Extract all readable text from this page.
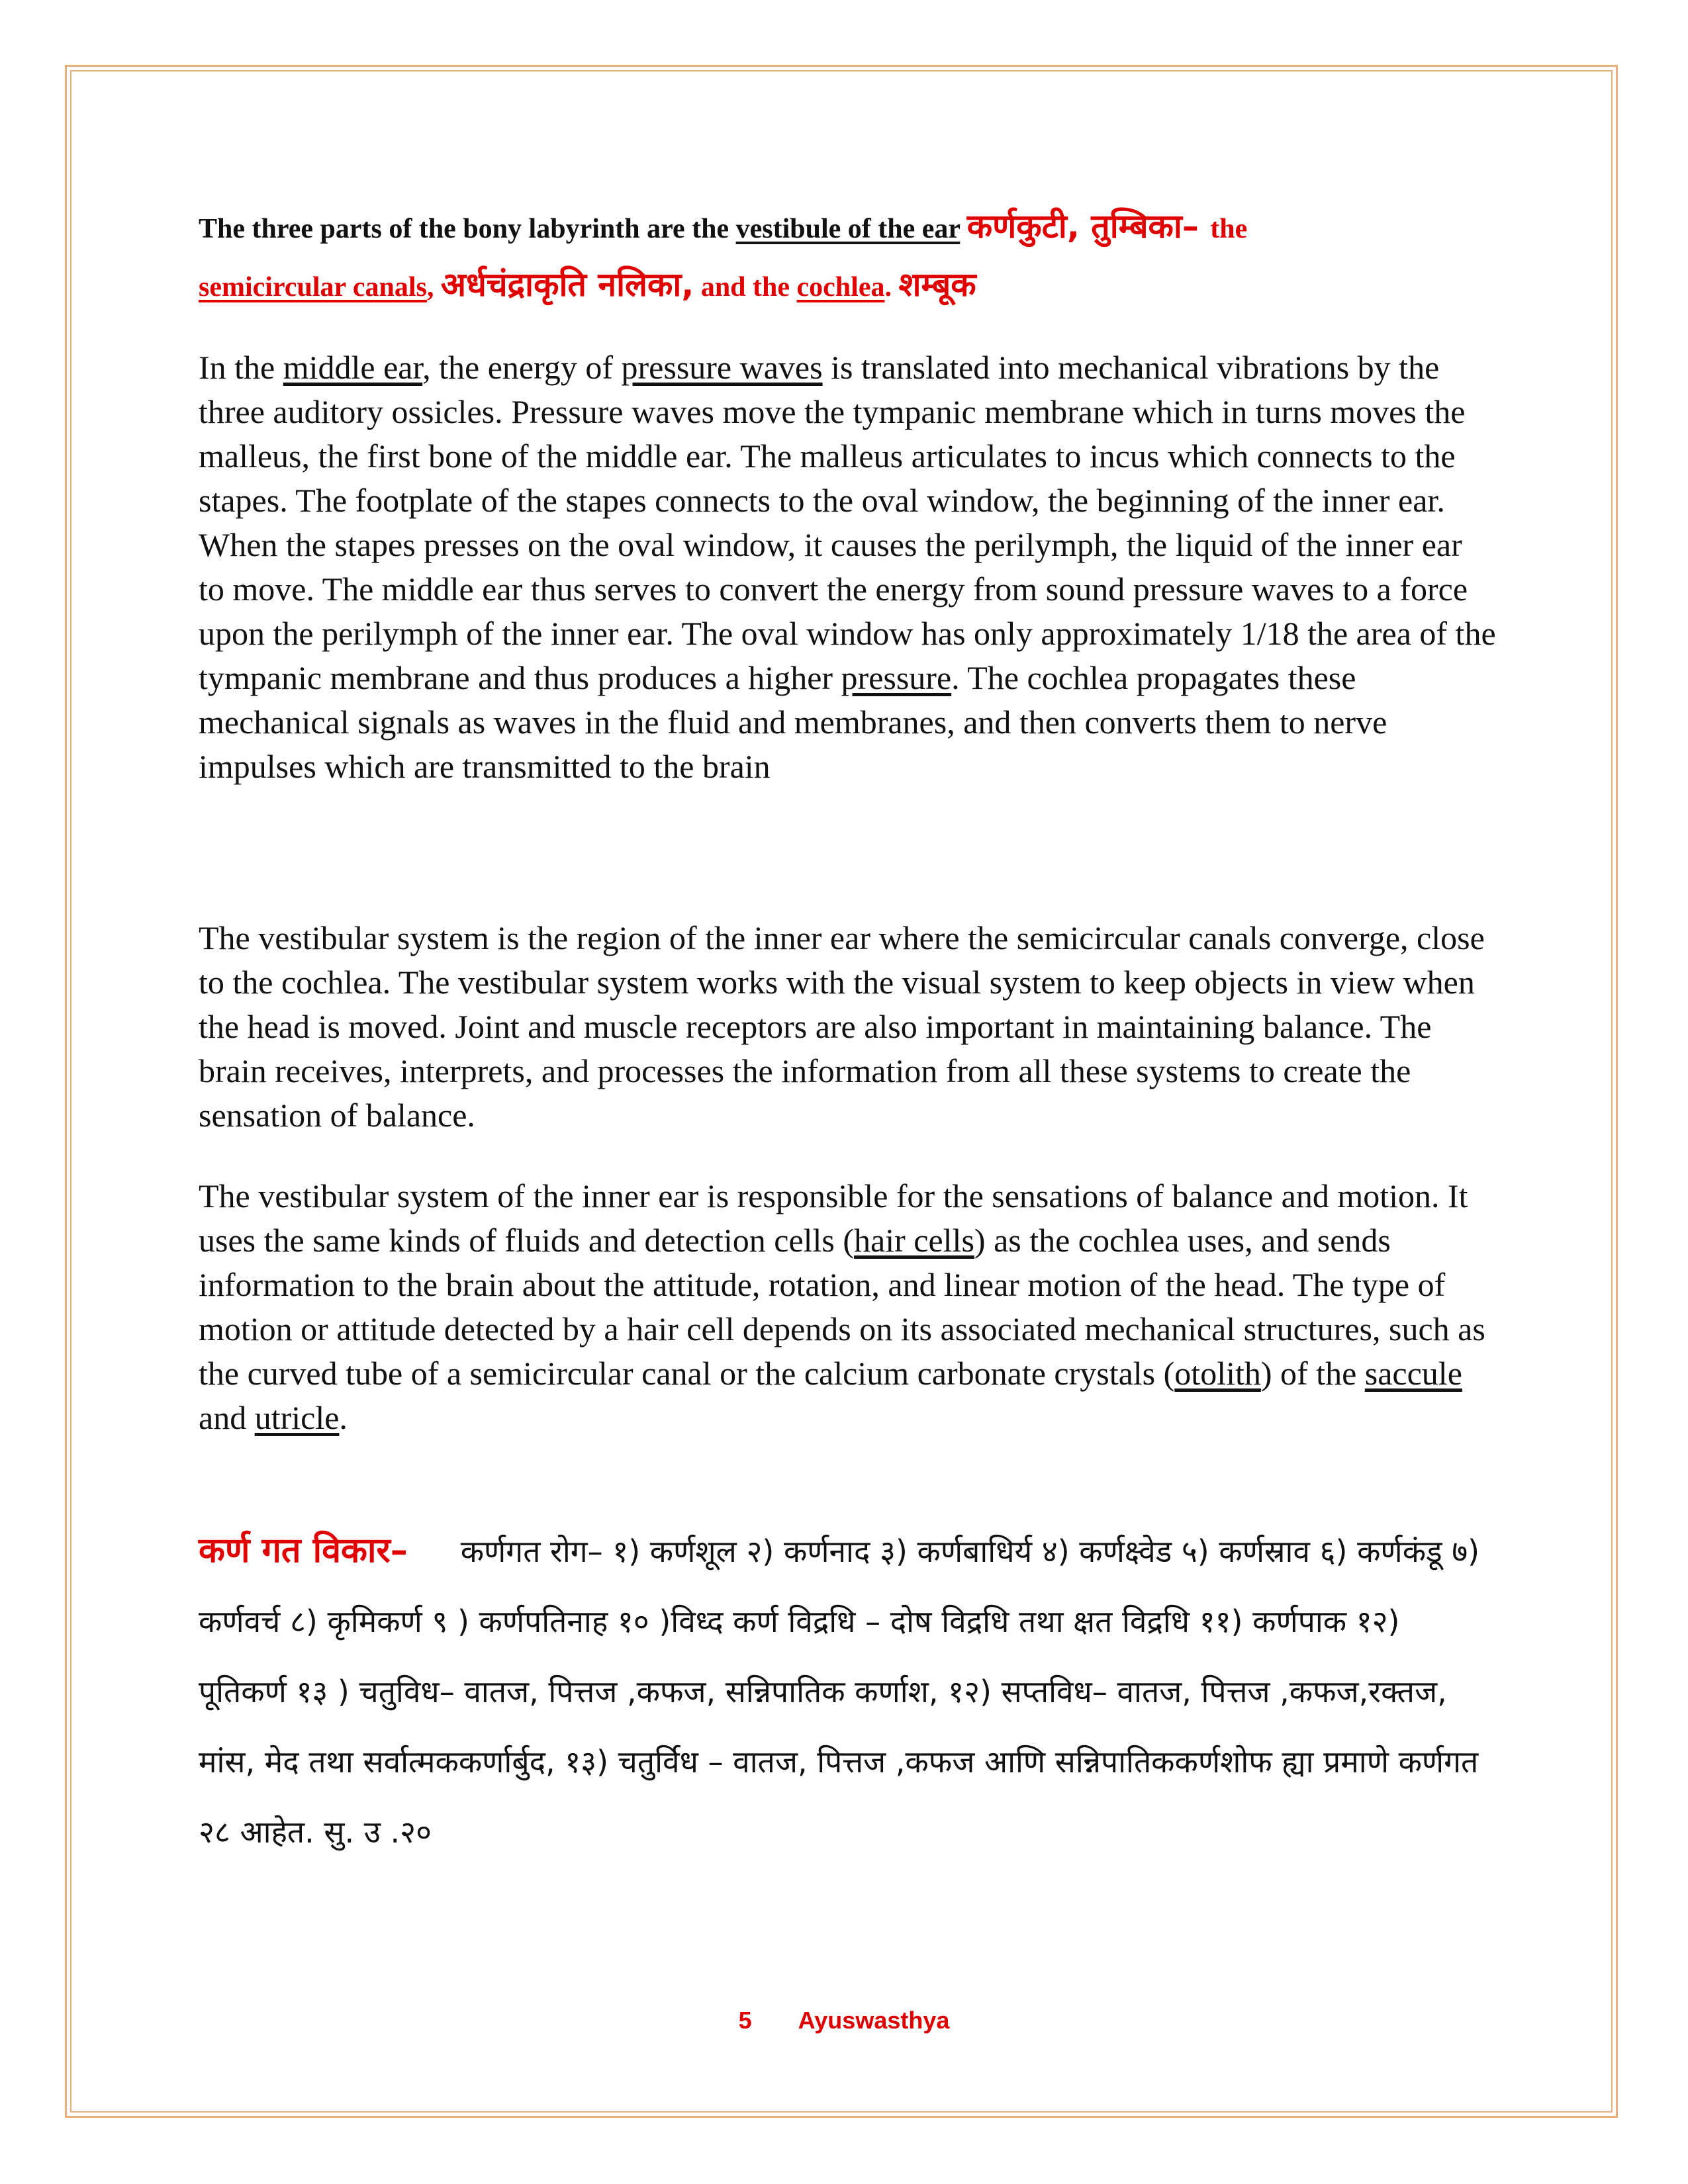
The three parts of the bony labyrinth are the vestibule of the ear कर्णकुटी, तुम्बिका– the
semicircular canals, अर्धचंद्राकृति नलिका, and the cochlea. शम्बूक
In the middle ear, the energy of pressure waves is translated into mechanical vibrations by the three auditory ossicles. Pressure waves move the tympanic membrane which in turns moves the malleus, the first bone of the middle ear. The malleus articulates to incus which connects to the stapes. The footplate of the stapes connects to the oval window, the beginning of the inner ear. When the stapes presses on the oval window, it causes the perilymph, the liquid of the inner ear to move. The middle ear thus serves to convert the energy from sound pressure waves to a force upon the perilymph of the inner ear. The oval window has only approximately 1/18 the area of the tympanic membrane and thus produces a higher pressure. The cochlea propagates these mechanical signals as waves in the fluid and membranes, and then converts them to nerve impulses which are transmitted to the brain
The vestibular system is the region of the inner ear where the semicircular canals converge, close to the cochlea. The vestibular system works with the visual system to keep objects in view when the head is moved. Joint and muscle receptors are also important in maintaining balance. The brain receives, interprets, and processes the information from all these systems to create the sensation of balance.
The vestibular system of the inner ear is responsible for the sensations of balance and motion. It uses the same kinds of fluids and detection cells (hair cells) as the cochlea uses, and sends information to the brain about the attitude, rotation, and linear motion of the head. The type of motion or attitude detected by a hair cell depends on its associated mechanical structures, such as the curved tube of a semicircular canal or the calcium carbonate crystals (otolith) of the saccule and utricle.
कर्ण गत विकार– कर्णगत रोग– १) कर्णशूल २) कर्णनाद ३) कर्णबाधिर्य ४) कर्णक्ष्वेड ५) कर्णस्राव ६) कर्णकंडू ७) कर्णवर्च ८) कृमिकर्ण ९ ) कर्णपतिनाह १० )विध्द कर्ण विद्रधि – दोष विद्रधि तथा क्षत विद्रधि ११) कर्णपाक १२) पूतिकर्ण १३ ) चतुविध– वातज, पित्तज ,कफज, सन्निपातिक कर्णाश, १२) सप्तविध– वातज, पित्तज ,कफज,रक्तज, मांस, मेद तथा सर्वात्मककर्णार्बुद, १३) चतुर्विध – वातज, पित्तज ,कफज आणि सन्निपातिककर्णशोफ ह्या प्रमाणे कर्णगत २८ आहेत. सु. उ .२०
5 Ayuswasthya
